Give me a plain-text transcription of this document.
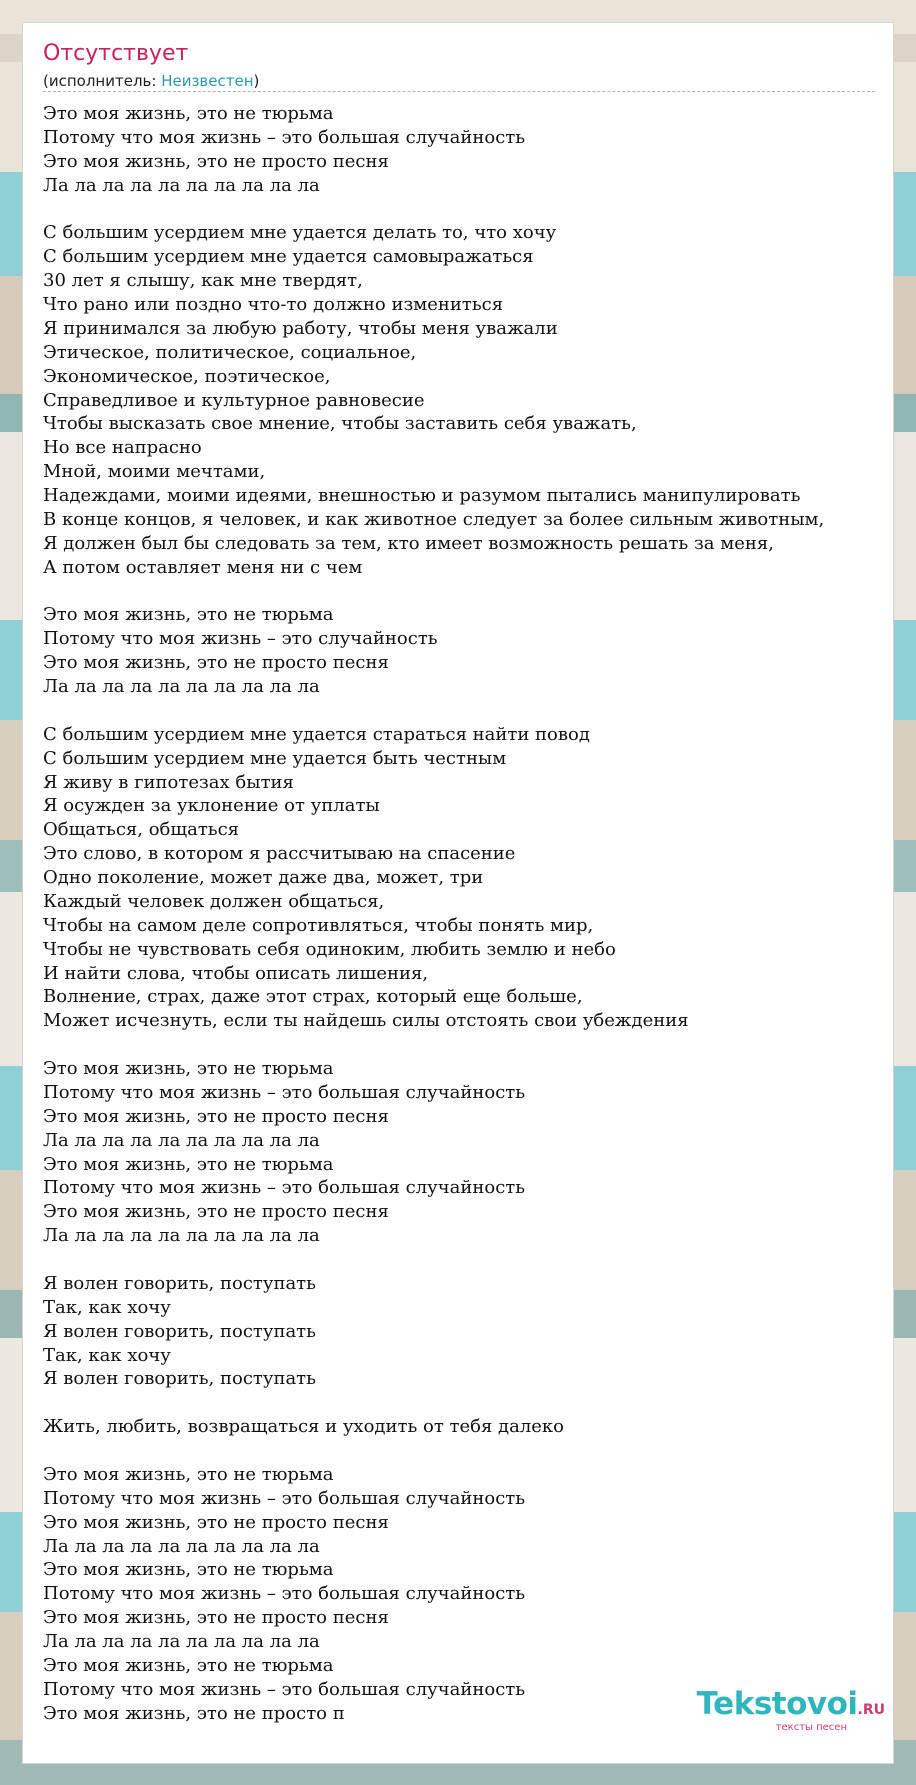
Отсутствует

(исполнитель: Неизвестен)

Это моя жизнь, это не тюрьма
Потому что моя жизнь – это большая случайность
Это моя жизнь, это не просто песня
Ла ла ла ла ла ла ла ла ла ла

С большим усердием мне удается делать то, что хочу
С большим усердием мне удается самовыражаться
30 лет я слышу, как мне твердят,
Что рано или поздно что-то должно измениться
Я принимался за любую работу, чтобы меня уважали
Этическое, политическое, социальное,
Экономическое, поэтическое,
Справедливое и культурное равновесие
Чтобы высказать свое мнение, чтобы заставить себя уважать,
Но все напрасно
Мной, моими мечтами,
Надеждами, моими идеями, внешностью и разумом пытались манипулировать
В конце концов, я человек, и как животное следует за более сильным животным,
Я должен был бы следовать за тем, кто имеет возможность решать за меня,
А потом оставляет меня ни с чем

Это моя жизнь, это не тюрьма
Потому что моя жизнь – это случайность
Это моя жизнь, это не просто песня
Ла ла ла ла ла ла ла ла ла ла

С большим усердием мне удается стараться найти повод
С большим усердием мне удается быть честным
Я живу в гипотезах бытия
Я осужден за уклонение от уплаты
Общаться, общаться
Это слово, в котором я рассчитываю на спасение
Одно поколение, может даже два, может, три
Каждый человек должен общаться,
Чтобы на самом деле сопротивляться, чтобы понять мир,
Чтобы не чувствовать себя одиноким, любить землю и небо
И найти слова, чтобы описать лишения,
Волнение, страх, даже этот страх, который еще больше,
Может исчезнуть, если ты найдешь силы отстоять свои убеждения

Это моя жизнь, это не тюрьма
Потому что моя жизнь – это большая случайность
Это моя жизнь, это не просто песня
Ла ла ла ла ла ла ла ла ла ла
Это моя жизнь, это не тюрьма
Потому что моя жизнь – это большая случайность
Это моя жизнь, это не просто песня
Ла ла ла ла ла ла ла ла ла ла

Я волен говорить, поступать
Так, как хочу
Я волен говорить, поступать
Так, как хочу
Я волен говорить, поступать

Жить, любить, возвращаться и уходить от тебя далеко

Это моя жизнь, это не тюрьма
Потому что моя жизнь – это большая случайность
Это моя жизнь, это не просто песня
Ла ла ла ла ла ла ла ла ла ла
Это моя жизнь, это не тюрьма
Потому что моя жизнь – это большая случайность
Это моя жизнь, это не просто песня
Ла ла ла ла ла ла ла ла ла ла
Это моя жизнь, это не тюрьма
Потому что моя жизнь – это большая случайность
Это моя жизнь, это не просто п	Tekstovoi.RU
тексты песен
